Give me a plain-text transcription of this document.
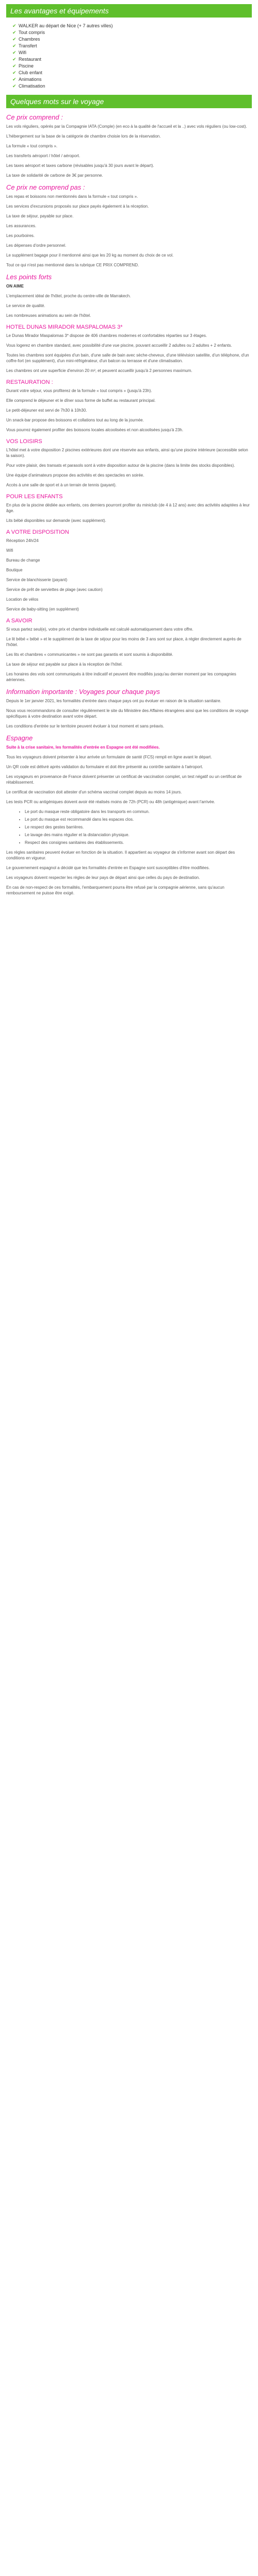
Les avantages et équipements
✔ WALKER au départ de Nice (+ 7 autres villes)
✔ Tout compris
✔ Chambres
✔ Transfert
✔ Wifi
✔ Restaurant
✔ Piscine
✔ Club enfant
✔ Animations
✔ Climatisation
Quelques mots sur le voyage
Ce prix comprend :

Les vols réguliers, opérés par la Compagnie IATA (Comple) (en eco à la qualité de l'accueil et la ..) avec vols réguliers (ou low-cost).

L'hébergement sur la base de la catégorie de chambre choisie lors de la réservation.

La formule « tout compris ».

Les transferts aéroport / hôtel / aéroport.

Les taxes aéroport et taxes carbone (révisables jusqu'à 30 jours avant le départ).

La taxe de solidarité de carbone de 3€ par personne.

Ce prix ne comprend pas :

Les repas et boissons non mentionnés dans la formule « tout compris ».

Les services d'excursions proposés sur place payés également à la réception.

La taxe de séjour, payable sur place.

Les assurances.

Les pourboires.

Les dépenses d'ordre personnel.

Le supplément bagage pour il mentionné ainsi que les 20 kg au moment du choix de ce vol.

Tout ce qui n'est pas mentionné dans la rubrique CE PRIX COMPREND.

Les points forts

ON AIME

L'emplacement idéal de l'hôtel, proche du centre-ville de Marrakech.

Le service de qualité.

Les nombreuses animations au sein de l'hôtel.

HOTEL DUNAS MIRADOR MASPALOMAS 3*

Le Dunas Mirador Maspalomas 3* dispose de 406 chambres modernes et confortables réparties sur 3 étages.

Vous logerez en chambre standard, avec possibilité d'une vue piscine, pouvant accueillir 2 adultes ou 2 adultes + 2 enfants.

Toutes les chambres sont équipées d'un bain, d'une salle de bain avec sèche-cheveux, d'une télévision satellite, d'un téléphone, d'un coffre-fort (en supplément), d'un mini-réfrigérateur, d'un balcon ou terrasse et d'une climatisation.

Les chambres ont une superficie d'environ 20 m², et peuvent accueillir jusqu'à 2 personnes maximum.

RESTAURATION :

Durant votre séjour, vous profiterez de la formule « tout compris » (jusqu'à 23h).

Elle comprend le déjeuner et le dîner sous forme de buffet au restaurant principal.

Le petit-déjeuner est servi de 7h30 à 10h30.

Un snack-bar propose des boissons et collations tout au long de la journée.

Vous pourrez également profiter des boissons locales alcoolisées et non alcoolisées jusqu'à 23h.

VOS LOISIRS

L'hôtel met à votre disposition 2 piscines extérieures dont une réservée aux enfants, ainsi qu'une piscine intérieure (accessible selon la saison).

Pour votre plaisir, des transats et parasols sont à votre disposition autour de la piscine (dans la limite des stocks disponibles).

Une équipe d'animateurs propose des activités et des spectacles en soirée.

Accès à une salle de sport et à un terrain de tennis (payant).

POUR LES ENFANTS

En plus de la piscine dédiée aux enfants, ces derniers pourront profiter du miniclub (de 4 à 12 ans) avec des activités adaptées à leur âge.

Lits bébé disponibles sur demande (avec supplément).

A VOTRE DISPOSITION

Réception 24h/24

Wifi

Bureau de change

Boutique

Service de blanchisserie (payant)

Service de prêt de serviettes de plage (avec caution)

Location de vélos

Service de baby-sitting (en supplément)

A SAVOIR

Si vous partez seul(e), votre prix et chambre individuelle est calculé automatiquement dans votre offre.

Le lit bébé « bébé » et le supplément de la taxe de séjour pour les moins de 3 ans sont sur place, à régler directement auprès de l'hôtel.

Les lits et chambres « communicantes » ne sont pas garantis et sont soumis à disponibilité.

La taxe de séjour est payable sur place à la réception de l'hôtel.

Les horaires des vols sont communiqués à titre indicatif et peuvent être modifiés jusqu'au dernier moment par les compagnies aériennes.

Information importante : Voyages pour chaque pays

Depuis le 1er janvier 2021, les formalités d'entrée dans chaque pays ont pu évoluer en raison de la situation sanitaire.

Nous vous recommandons de consulter régulièrement le site du Ministère des Affaires étrangères ainsi que les conditions de voyage spécifiques à votre destination avant votre départ.

Les conditions d'entrée sur le territoire peuvent évoluer à tout moment et sans préavis.

Espagne

Suite à la crise sanitaire, les formalités d'entrée en Espagne ont été modifiées.

Tous les voyageurs doivent présenter à leur arrivée un formulaire de santé (FCS) rempli en ligne avant le départ.

Un QR code est délivré après validation du formulaire et doit être présenté au contrôle sanitaire à l'aéroport.

Les voyageurs en provenance de France doivent présenter un certificat de vaccination complet, un test négatif ou un certificat de rétablissement.

Le certificat de vaccination doit attester d'un schéma vaccinal complet depuis au moins 14 jours.

Les tests PCR ou antigéniques doivent avoir été réalisés moins de 72h (PCR) ou 48h (antigénique) avant l'arrivée.

• Le port du masque reste obligatoire dans les transports en commun.
• Le port du masque est recommandé dans les espaces clos.
• Le respect des gestes barrières.
• Le lavage des mains régulier et la distanciation physique.
• Respect des consignes sanitaires des établissements.

Les règles sanitaires peuvent évoluer en fonction de la situation. Il appartient au voyageur de s'informer avant son départ des conditions en vigueur.

Le gouvernement espagnol a décidé que les formalités d'entrée en Espagne sont susceptibles d'être modifiées.

Les voyageurs doivent respecter les règles de leur pays de départ ainsi que celles du pays de destination.

En cas de non-respect de ces formalités, l'embarquement pourra être refusé par la compagnie aérienne, sans qu'aucun remboursement ne puisse être exigé.
